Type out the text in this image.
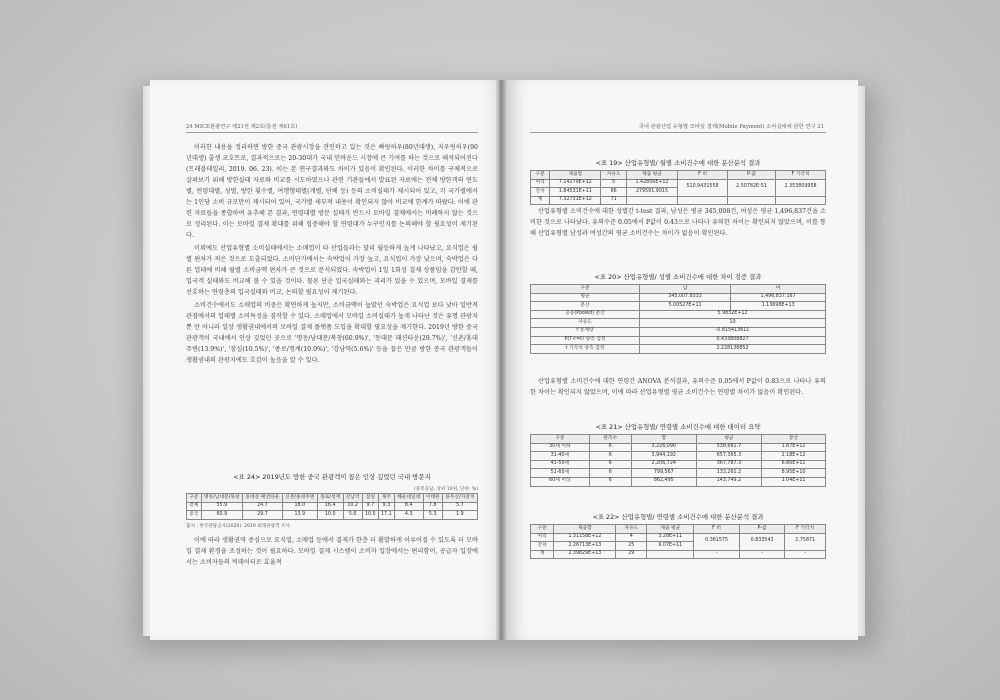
24 MICE관광연구 제21권 제2호(통권 제61호)

이러한 내용을 정리하면 방한 중국 관광시장을 견인하고 있는 것은 빠링허우(80년대생), 지우링허우(90년대생) 출생 코호트로, 결과적으로는 20-30대가 국내 인바운드 시장에 큰 기여를 하는 것으로 해석되어진다(트래블데일리, 2019. 06. 23). 이는 본 연구결과와도 차이가 있음이 확인된다. 이러한 차이를 구체적으로 살펴보기 위해 방한실태 자료와 비교를 시도하였으나 관련 기관들에서 발표된 자료에는 전체 방한객의 연도별, 연령대별, 성별, 방한 횟수별, 여행형태별(개별, 단체 등) 등의 소비실태가 제시되어 있고, 각 국가별에서는 1인당 소비 규모만이 제시되어 있어, 국가별 세부적 내용이 확인되지 않아 비교에 한계가 따랐다. 이에 관련 자료들을 종합하여 유추해 본 결과, 연령대별 방문 실태가 반드시 모바일 결제에서는 비례하지 않는 것으로 정리된다. 이는 모바일 결제 확대를 위해 집중해야 할 연령대가 누구인지를 논의해야 할 필요성이 제기된다.

이외에도 산업유형별 소비실태에서는 소매업이 타 산업들과는 달리 월등하게 높게 나타났고, 요식업은 월별 편차가 적은 것으로 도출되었다. 소비단가에서는 숙박업이 가장 높고, 요식업이 가장 낮으며, 숙박업은 다른 업태에 비해 월별 소비금액 편차가 큰 것으로 분석되었다. 숙박업이 1일 1회성 결제 상품임을 감안할 때, 입국객 실태와도 비교해 볼 수 있을 것이다. 물론 단순 입국실태와는 괴리가 있을 수 있으며, 모바일 결제를 선호하는 연령층의 입국실태와 비교, 논의할 필요성이 제기된다.

소비건수에서도 소매업의 비중은 확연하게 높지만, 소비금액이 높았던 숙박업은 요식업 보다 낮아 일반적 관점에서의 업태별 소비특성을 짐작할 수 있다. 소매업에서 모바일 소비실태가 높게 나타난 것은 유명 관광지뿐 만 아니라 일상 생활권내에서의 모바일 결제 플랫폼 도입을 확대할 필요성을 제기한다. 2019년 방한 중국 관광객이 국내에서 인상 깊었던 곳으로 '명동/남대문/북창(60.9%)', '동대문 패션타운(29.7%)', '신촌/홍대 주변(13.9%)', '잠실(10.5%)', '종로/청계(10.0%)', '강남역(5.6%)' 등을 꼽은 만큼 방한 중국 관광객들이 생활권내의 관광지에도 호감이 높음을 알 수 있다.

<표 24> 2019년도 방한 중국 관광객이 꼽은 인상 깊었던 국내 방문지
(중복응답, 상위 10위, 단위: %)
구분	명동/남대문/북창	동대문 패션타운	신촌/홍대주변	종로/청계	강남역	잠실	제주	해운대일대	이태원	용두산/자갈치
전체	55.9	24.7	18.0	16.4	10.2	9.7	9.3	8.4	7.8	5.7
중국	60.9	29.7	13.9	10.0	5.6	10.5	17.1	4.3	5.3	1.9
출처 : 한국관광공사(2020). 2019 외래관광객 조사.

이에 따라 생활권역 중심으로 요식업, 소매업 등에서 결제가 한층 더 활발하게 이루어질 수 있도록 더 모바일 결제 환경을 조성하는 것이 필요하다. 모바일 결제 시스템이 소비자 입장에서는 편리함이, 공급자 입장에서는 소비자들의 빅데이터로 효율적

국내 관광산업 유형별 모바일 결제(Mobile Payment) 소비실태에 관한 연구 21
<표 19> 산업유형별/ 월별 소비건수에 대한 분산분석 결과
구분	제곱합	자유도	제곱 평균	F 비	P-값	F 기각치
처리	7.14279E+12	5	1.42856E+12	510.9431558	2.50782E-51	2.353809958
잔차	1.84531E+11	66	279591.9015			
계	7.32731E+12	71				

산업유형별 소비건수에 대한 성별간 t-test 결과, 남성은 평균 345,008건, 여성은 평균 1,496,837건을 소비한 것으로 나타났다. 유의수준 0.05에서 P값이 0.43으로 나타나 유의한 차이는 확인되지 않았으며, 이를 통해 산업유형별 남성과 여성간의 평균 소비건수는 차이가 없음이 확인된다.

<표 20> 산업유형별/ 성별 소비건수에 대한 차이 검증 결과
구분	남	여
평균	345,007.8333	1,496,837.167
분산	5.00527E+11	1.13698E+13
공동(Pooled) 분산	5.9832E+12	
자유도	10	
t 통계량	-0.815413611	
P(T<=t) 양측 검정	0.433808827	
t 기각치 양측 검정	2.228138852	

산업유형별 소비건수에 대한 연령간 ANOVA 분석결과, 유의수준 0.05에서 P값이 0.83으로 나타나 유의한 차이는 확인되지 않았으며, 이에 따라 산업유형별 평균 소비건수는 연령별 차이가 없음이 확인된다.

<표 21> 산업유형별/ 연령별 소비건수에 대한 데이터 요약
구분	관측수	합	평균	분산
30세 이하	6	3,226,090	538,681.7	1.67E+12
31-40세	6	3,944,192	657,365.3	2.18E+12
41-50세	6	2,206,724	367,787.3	6.80E+11
51-60세	6	799,567	133,261.2	8.95E+10
60세 이상	6	862,495	143,749.2	1.04E+11
<표 22> 산업유형별/ 연령별 소비건수에 대한 분산분석 결과
구분	제곱합	자유도	제곱 평균	F 비	P-값	F 기각치
처리	1.31158E+12	4	3.28E+11	0.361575	0.833543	2.75871
잔차	2.26713E+13	25	9.07E+11			
계	2.39829E+13	29		-	-	-
